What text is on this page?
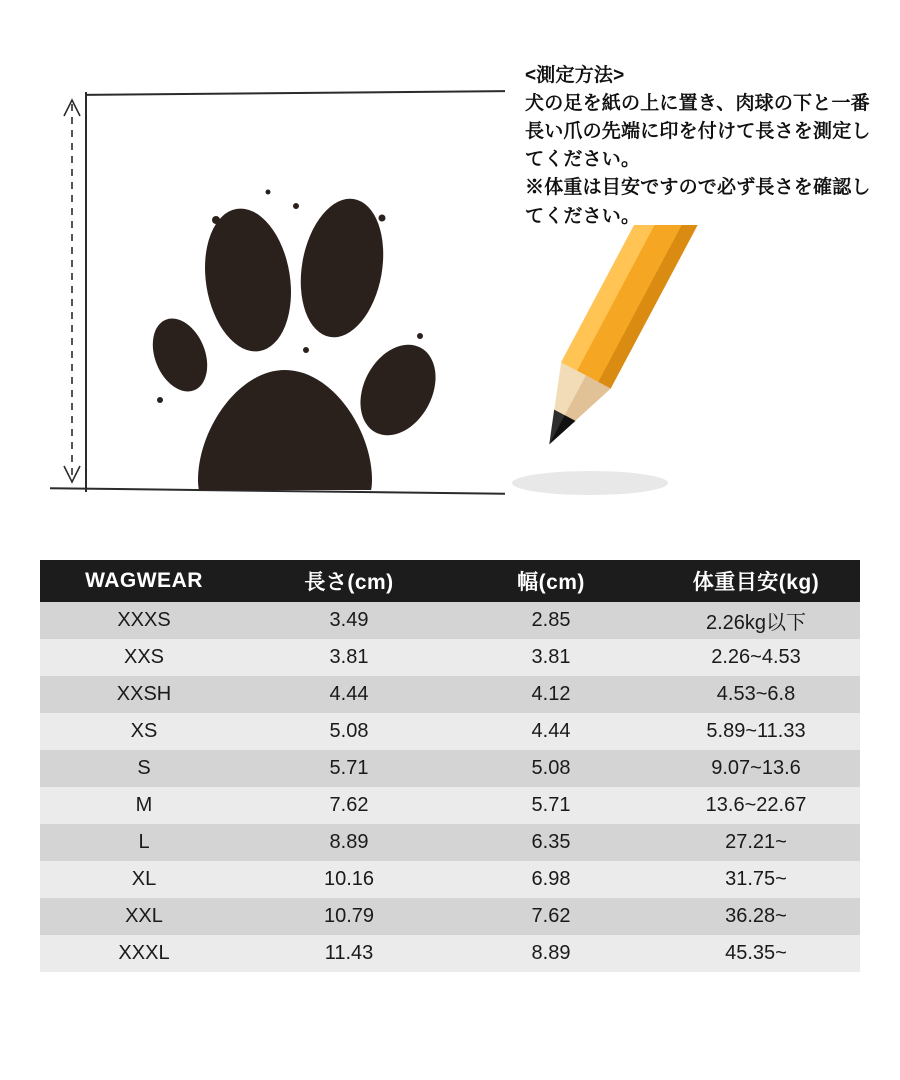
<測定方法>
犬の足を紙の上に置き、肉球の下と一番
長い爪の先端に印を付けて長さを測定し
てください。
※体重は目安ですので必ず長さを確認し
てください。
WAGWEAR	長さ(cm)	幅(cm)	体重目安(kg)
XXXS	3.49	2.85	2.26kg以下
XXS	3.81	3.81	2.26~4.53
XXSH	4.44	4.12	4.53~6.8
XS	5.08	4.44	5.89~11.33
S	5.71	5.08	9.07~13.6
M	7.62	5.71	13.6~22.67
L	8.89	6.35	27.21~
XL	10.16	6.98	31.75~
XXL	10.79	7.62	36.28~
XXXL	11.43	8.89	45.35~
